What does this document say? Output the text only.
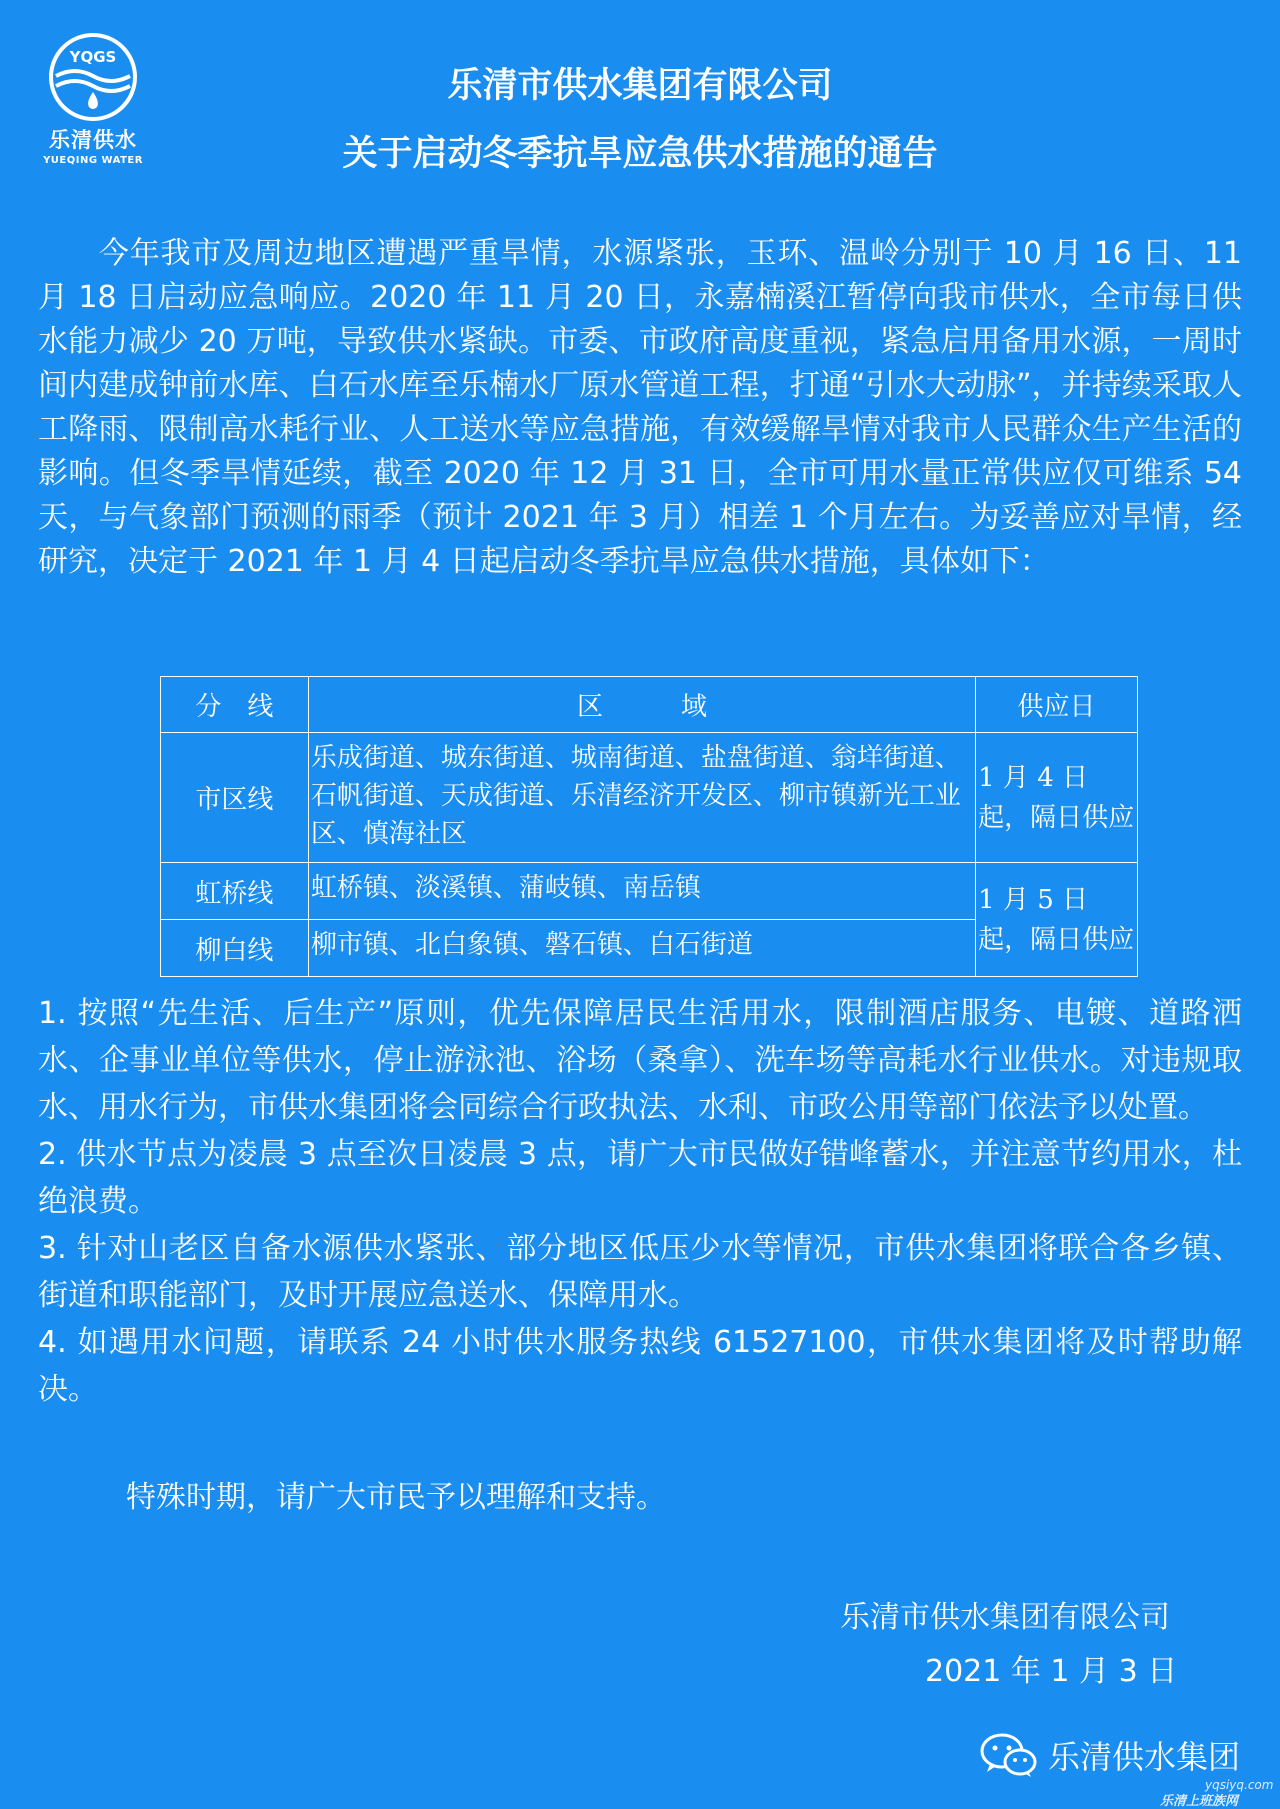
YQGS
乐清供水
YUEQING WATER
乐清市供水集团有限公司
关于启动冬季抗旱应急供水措施的通告

今年我市及周边地区遭遇严重旱情，水源紧张，玉环、温岭分别于 10 月 16 日、11 月 18 日启动应急响应。2020 年 11 月 20 日，永嘉楠溪江暂停向我市供水，全市每日供水能力减少 20 万吨，导致供水紧缺。市委、市政府高度重视，紧急启用备用水源，一周时间内建成钟前水库、白石水库至乐楠水厂原水管道工程，打通“引水大动脉”，并持续采取人工降雨、限制高水耗行业、人工送水等应急措施，有效缓解旱情对我市人民群众生产生活的影响。但冬季旱情延续，截至 2020 年 12 月 31 日，全市可用水量正常供应仅可维系 54 天，与气象部门预测的雨季（预计 2021 年 3 月）相差 1 个月左右。为妥善应对旱情，经研究，决定于 2021 年 1 月 4 日起启动冬季抗旱应急供水措施，具体如下：

分　线	区　　　域	供应日
市区线	乐成街道、城东街道、城南街道、盐盘街道、翁垟街道、石帆街道、天成街道、乐清经济开发区、柳市镇新光工业区、慎海社区	1 月 4 日起，隔日供应
虹桥线	虹桥镇、淡溪镇、蒲岐镇、南岳镇	1 月 5 日起，隔日供应
柳白线	柳市镇、北白象镇、磐石镇、白石街道	

1. 按照“先生活、后生产”原则，优先保障居民生活用水，限制酒店服务、电镀、道路洒水、企事业单位等供水，停止游泳池、浴场（桑拿）、洗车场等高耗水行业供水。对违规取水、用水行为，市供水集团将会同综合行政执法、水利、市政公用等部门依法予以处置。

2. 供水节点为凌晨 3 点至次日凌晨 3 点，请广大市民做好错峰蓄水，并注意节约用水，杜绝浪费。

3. 针对山老区自备水源供水紧张、部分地区低压少水等情况，市供水集团将联合各乡镇、街道和职能部门，及时开展应急送水、保障用水。

4. 如遇用水问题，请联系 24 小时供水服务热线 61527100，市供水集团将及时帮助解决。

特殊时期，请广大市民予以理解和支持。
乐清市供水集团有限公司
2021 年 1 月 3 日
乐清供水集团
yqsiyq.com
乐清上班族网
